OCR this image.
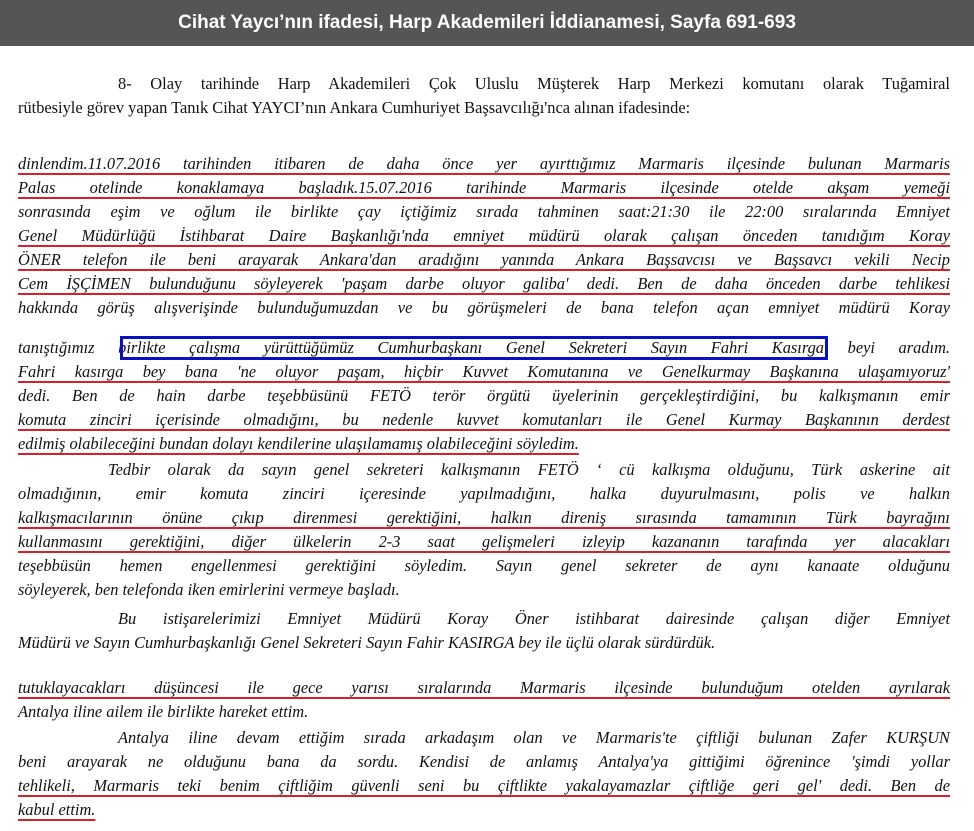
Cihat Yaycı’nın ifadesi, Harp Akademileri İddianamesi, Sayfa 691-693
8- Olay tarihinde Harp Akademileri Çok Uluslu Müşterek Harp Merkezi komutanı olarak Tuğamiral
rütbesiyle görev yapan Tanık Cihat YAYCI’nın Ankara Cumhuriyet Başsavcılığı'nca alınan ifadesinde:
dinlendim.11.07.2016 tarihinden itibaren de daha önce yer ayırttığımız Marmaris ilçesinde bulunan Marmaris
Palas otelinde konaklamaya başladık.15.07.2016 tarihinde Marmaris ilçesinde otelde akşam yemeği
sonrasında eşim ve oğlum ile birlikte çay içtiğimiz sırada tahminen saat:21:30 ile 22:00 sıralarında Emniyet
Genel Müdürlüğü İstihbarat Daire Başkanlığı'nda emniyet müdürü olarak çalışan önceden tanıdığım Koray
ÖNER telefon ile beni arayarak Ankara'dan aradığını yanında Ankara Başsavcısı ve Başsavcı vekili Necip
Cem İŞÇİMEN bulunduğunu söyleyerek 'paşam darbe oluyor galiba' dedi. Ben de daha önceden darbe tehlikesi
hakkında görüş alışverişinde bulunduğumuzdan ve bu görüşmeleri de bana telefon açan emniyet müdürü Koray
tanıştığımız birlikte çalışma yürüttüğümüz Cumhurbaşkanı Genel Sekreteri Sayın Fahri Kasırga beyi aradım.
Fahri kasırga bey bana 'ne oluyor paşam, hiçbir Kuvvet Komutanına ve Genelkurmay Başkanına ulaşamıyoruz'
dedi. Ben de hain darbe teşebbüsünü FETÖ terör örgütü üyelerinin gerçekleştirdiğini, bu kalkışmanın emir
komuta zinciri içerisinde olmadığını, bu nedenle kuvvet komutanları ile Genel Kurmay Başkanının derdest
edilmiş olabileceğini bundan dolayı kendilerine ulaşılamamış olabileceğini söyledim.
Tedbir olarak da sayın genel sekreteri kalkışmanın FETÖ ‘ cü kalkışma olduğunu, Türk askerine ait
olmadığının, emir komuta zinciri içeresinde yapılmadığını, halka duyurulmasını, polis ve halkın
kalkışmacılarının önüne çıkıp direnmesi gerektiğini, halkın direniş sırasında tamamının Türk bayrağını
kullanmasını gerektiğini, diğer ülkelerin 2-3 saat gelişmeleri izleyip kazananın tarafında yer alacakları
teşebbüsün hemen engellenmesi gerektiğini söyledim. Sayın genel sekreter de aynı kanaate olduğunu
söyleyerek, ben telefonda iken emirlerini vermeye başladı.
Bu istişarelerimizi Emniyet Müdürü Koray Öner istihbarat dairesinde çalışan diğer Emniyet
Müdürü ve Sayın Cumhurbaşkanlığı Genel Sekreteri Sayın Fahir KASIRGA bey ile üçlü olarak sürdürdük.
tutuklayacakları düşüncesi ile gece yarısı sıralarında Marmaris ilçesinde bulunduğum otelden ayrılarak
Antalya iline ailem ile birlikte hareket ettim.
Antalya iline devam ettiğim sırada arkadaşım olan ve Marmaris'te çiftliği bulunan Zafer KURŞUN
beni arayarak ne olduğunu bana da sordu. Kendisi de anlamış Antalya'ya gittiğimi öğrenince 'şimdi yollar
tehlikeli, Marmaris teki benim çiftliğim güvenli seni bu çiftlikte yakalayamazlar çiftliğe geri gel' dedi. Ben de
kabul ettim.
